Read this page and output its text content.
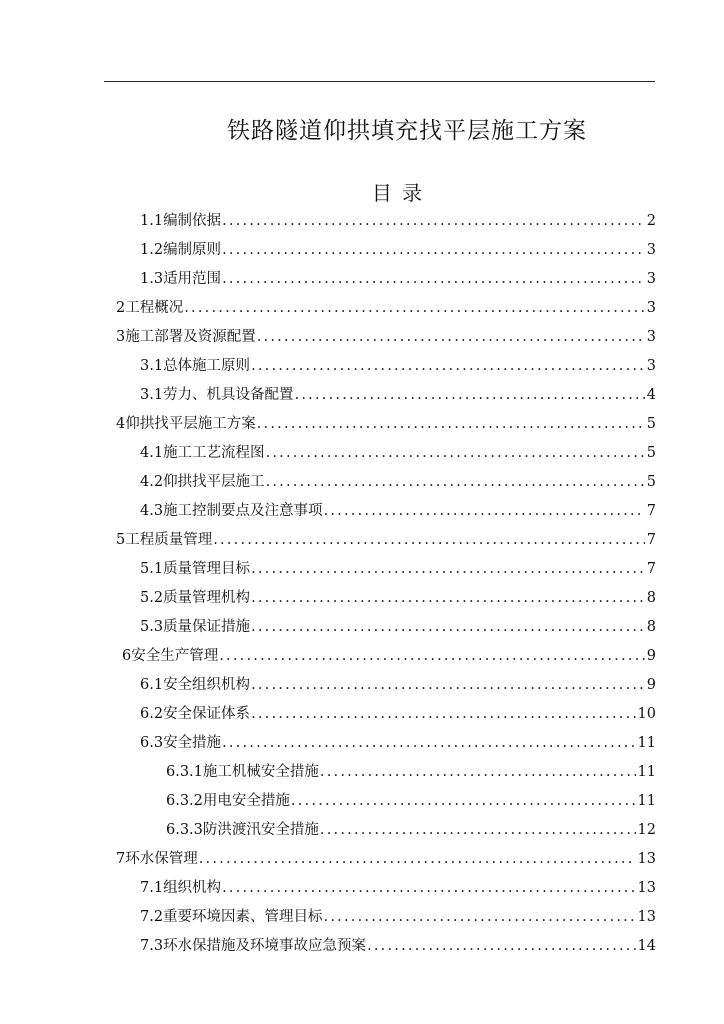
铁路隧道仰拱填充找平层施工方案
目 录
1.1 编制依据 .....	2
1.2 编制原则 .....	3
1.3 适用范围 .....	3
2 工程概况 .....	3
3 施工部署及资源配置 .....	3
3.1 总体施工原则 .....	3
3.1 劳力、机具设备配置 .....	4
4 仰拱找平层施工方案 .....	5
4.1 施工工艺流程图 .....	5
4.2 仰拱找平层施工 .....	5
4.3 施工控制要点及注意事项 .....	7
5 工程质量管理 .....	7
5.1 质量管理目标 .....	7
5.2 质量管理机构 .....	8
5.3 质量保证措施 .....	8
6 安全生产管理 .....	9
6.1 安全组织机构 .....	9
6.2 安全保证体系 .....	10
6.3 安全措施 .....	11
6.3.1 施工机械安全措施 .....	11
6.3.2 用电安全措施 .....	11
6.3.3 防洪渡汛安全措施 .....	12
7 环水保管理 .....	13
7.1 组织机构 .....	13
7.2 重要环境因素、管理目标 .....	13
7.3 环水保措施及环境事故应急预案 .....	14
